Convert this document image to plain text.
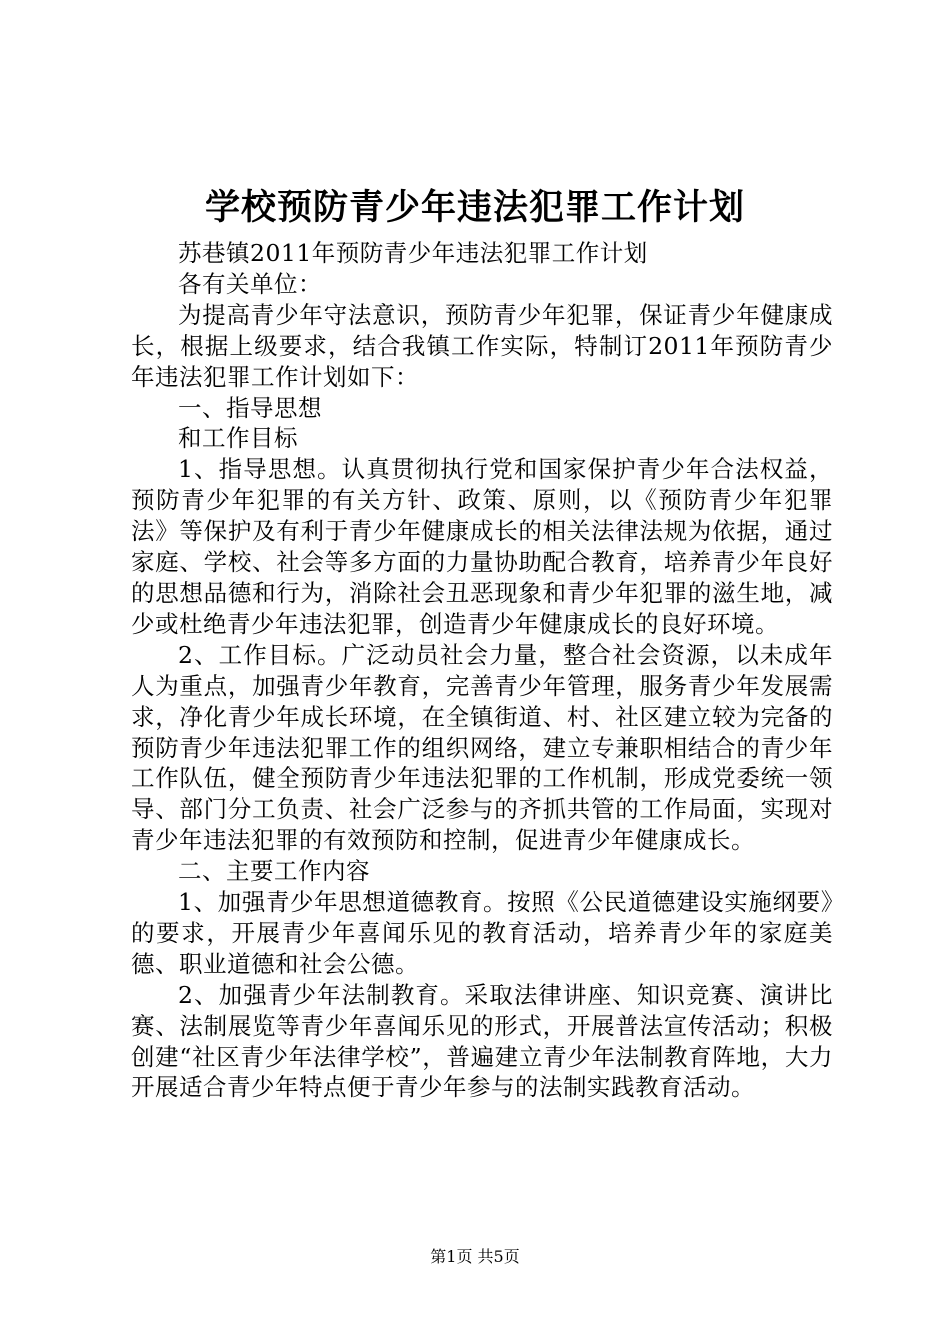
学校预防青少年违法犯罪工作计划

苏巷镇2011年预防青少年违法犯罪工作计划

各有关单位：

为提高青少年守法意识，预防青少年犯罪，保证青少年健康成长，根据上级要求，结合我镇工作实际，特制订2011年预防青少年违法犯罪工作计划如下：

一、指导思想

和工作目标

1、指导思想。认真贯彻执行党和国家保护青少年合法权益，预防青少年犯罪的有关方针、政策、原则，以《预防青少年犯罪法》等保护及有利于青少年健康成长的相关法律法规为依据，通过家庭、学校、社会等多方面的力量协助配合教育，培养青少年良好的思想品德和行为，消除社会丑恶现象和青少年犯罪的滋生地，减少或杜绝青少年违法犯罪，创造青少年健康成长的良好环境。

2、工作目标。广泛动员社会力量，整合社会资源，以未成年人为重点，加强青少年教育，完善青少年管理，服务青少年发展需求，净化青少年成长环境，在全镇街道、村、社区建立较为完备的预防青少年违法犯罪工作的组织网络，建立专兼职相结合的青少年工作队伍，健全预防青少年违法犯罪的工作机制，形成党委统一领导、部门分工负责、社会广泛参与的齐抓共管的工作局面，实现对青少年违法犯罪的有效预防和控制，促进青少年健康成长。

二、主要工作内容

1、加强青少年思想道德教育。按照《公民道德建设实施纲要》的要求，开展青少年喜闻乐见的教育活动，培养青少年的家庭美德、职业道德和社会公德。

2、加强青少年法制教育。采取法律讲座、知识竞赛、演讲比赛、法制展览等青少年喜闻乐见的形式，开展普法宣传活动；积极创建“社区青少年法律学校”，普遍建立青少年法制教育阵地，大力开展适合青少年特点便于青少年参与的法制实践教育活动。

第1页 共5页
